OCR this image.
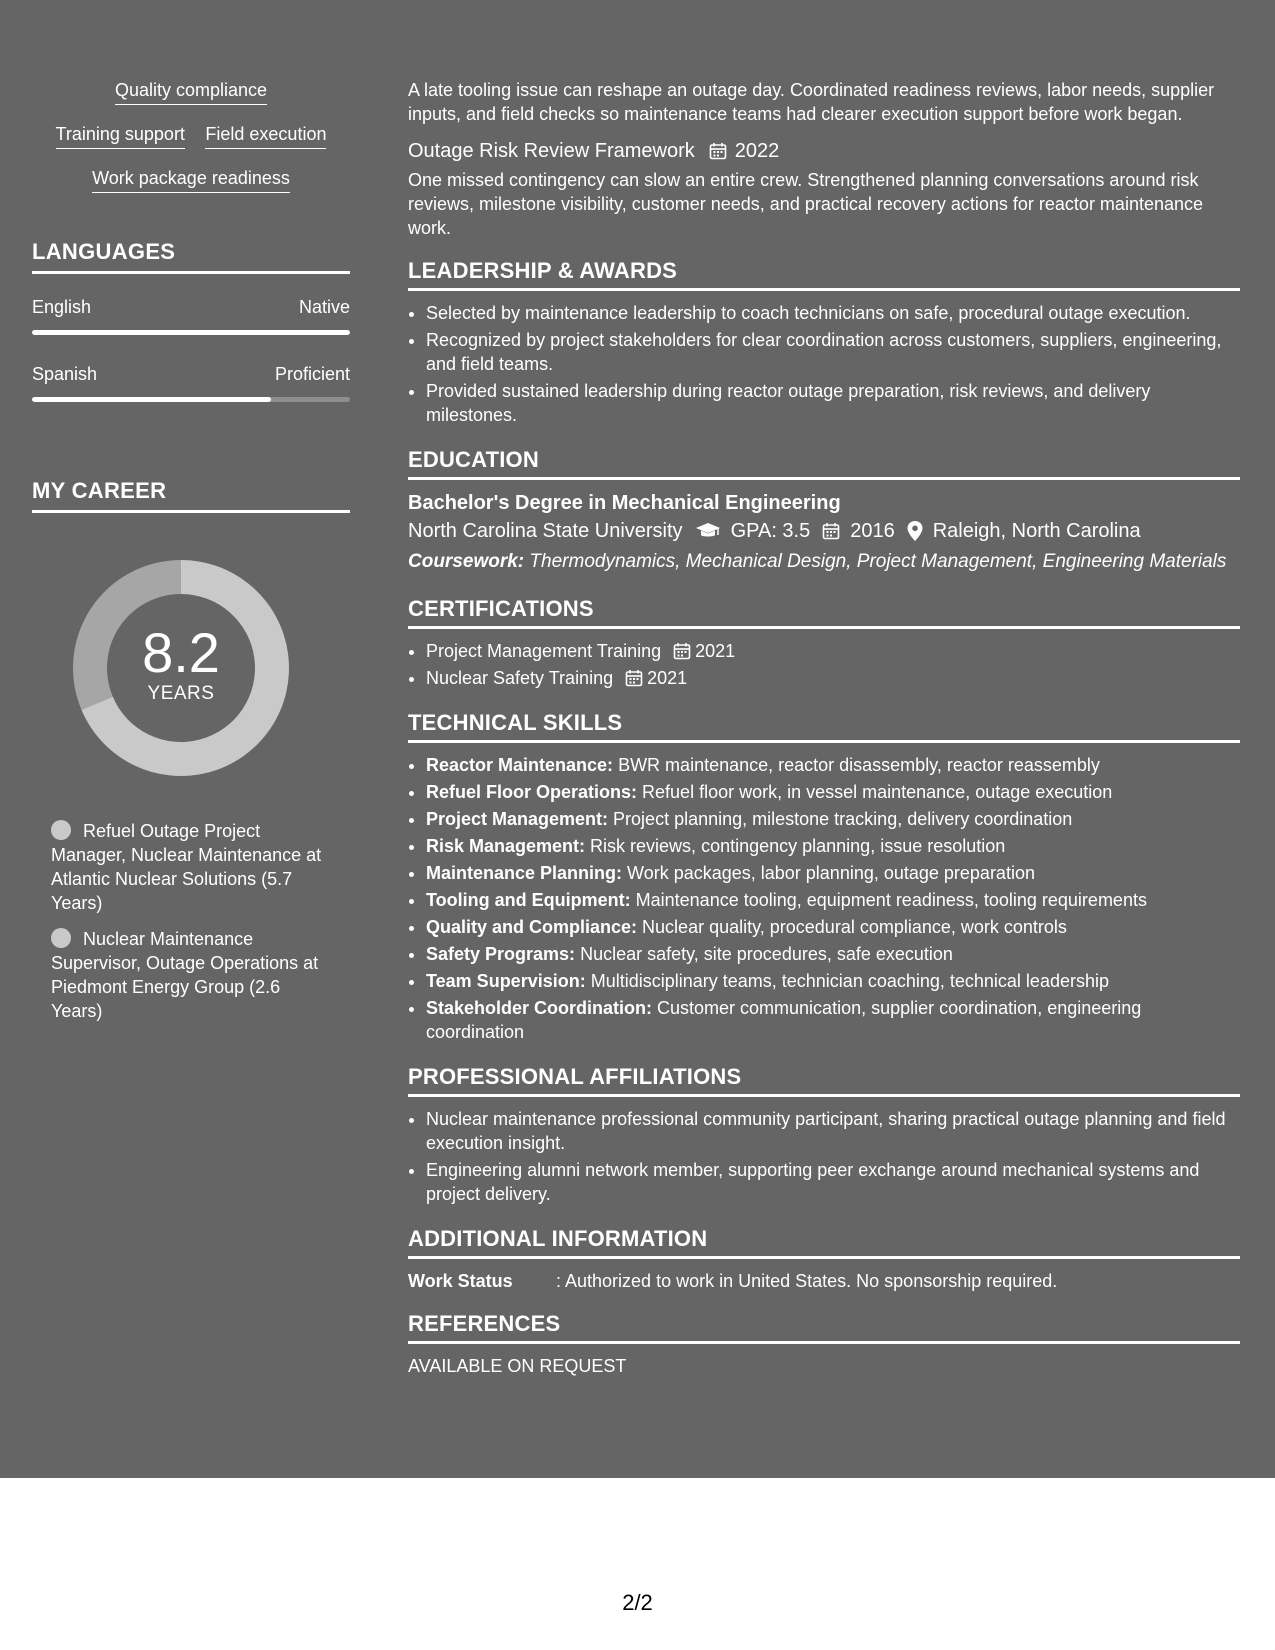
Quality compliance
Training support Field execution
Work package readiness
LANGUAGES
English	Native
Spanish	Proficient
MY CAREER
8.2
YEARS
Refuel Outage Project Manager, Nuclear Maintenance at Atlantic Nuclear Solutions (5.7 Years)
Nuclear Maintenance Supervisor, Outage Operations at Piedmont Energy Group (2.6 Years)

A late tooling issue can reshape an outage day. Coordinated readiness reviews, labor needs, supplier inputs, and field checks so maintenance teams had clearer execution support before work began.

Outage Risk Review Framework 2022

One missed contingency can slow an entire crew. Strengthened planning conversations around risk reviews, milestone visibility, customer needs, and practical recovery actions for reactor maintenance work.

LEADERSHIP & AWARDS
• Selected by maintenance leadership to coach technicians on safe, procedural outage execution.
• Recognized by project stakeholders for clear coordination across customers, suppliers, engineering, and field teams.
• Provided sustained leadership during reactor outage preparation, risk reviews, and delivery milestones.
EDUCATION
Bachelor's Degree in Mechanical Engineering
North Carolina State University GPA: 3.5 2016 Raleigh, North Carolina
Coursework: Thermodynamics, Mechanical Design, Project Management, Engineering Materials
CERTIFICATIONS
• Project Management Training 2021
• Nuclear Safety Training 2021
TECHNICAL SKILLS
• Reactor Maintenance: BWR maintenance, reactor disassembly, reactor reassembly
• Refuel Floor Operations: Refuel floor work, in vessel maintenance, outage execution
• Project Management: Project planning, milestone tracking, delivery coordination
• Risk Management: Risk reviews, contingency planning, issue resolution
• Maintenance Planning: Work packages, labor planning, outage preparation
• Tooling and Equipment: Maintenance tooling, equipment readiness, tooling requirements
• Quality and Compliance: Nuclear quality, procedural compliance, work controls
• Safety Programs: Nuclear safety, site procedures, safe execution
• Team Supervision: Multidisciplinary teams, technician coaching, technical leadership
• Stakeholder Coordination: Customer communication, supplier coordination, engineering coordination
PROFESSIONAL AFFILIATIONS
• Nuclear maintenance professional community participant, sharing practical outage planning and field execution insight.
• Engineering alumni network member, supporting peer exchange around mechanical systems and project delivery.
ADDITIONAL INFORMATION
Work Status	: Authorized to work in United States. No sponsorship required.
REFERENCES
AVAILABLE ON REQUEST
2/2
